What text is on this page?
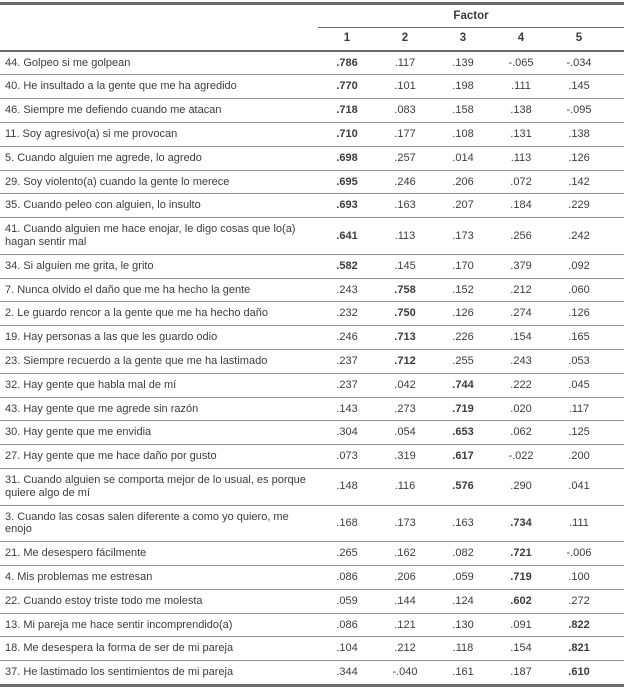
	Factor				
	1	2	3	4	5
44. Golpeo si me golpean	.786	.117	.139	-.065	-.034
40. He insultado a la gente que me ha agredido	.770	.101	.198	.111	.145
46. Siempre me defiendo cuando me atacan	.718	.083	.158	.138	-.095
11. Soy agresivo(a) si me provocan	.710	.177	.108	.131	.138
5. Cuando alguien me agrede, lo agredo	.698	.257	.014	.113	.126
29. Soy violento(a) cuando la gente lo merece	.695	.246	.206	.072	.142
35. Cuando peleo con alguien, lo insulto	.693	.163	.207	.184	.229
41. Cuando alguien me hace enojar, le digo cosas que lo(a) hagan sentir mal	.641	.113	.173	.256	.242
34. Si alguien me grita, le grito	.582	.145	.170	.379	.092
7. Nunca olvido el daño que me ha hecho la gente	.243	.758	.152	.212	.060
2. Le guardo rencor a la gente que me ha hecho daño	.232	.750	.126	.274	.126
19. Hay personas a las que les guardo odio	.246	.713	.226	.154	.165
23. Siempre recuerdo a la gente que me ha lastimado	.237	.712	.255	.243	.053
32. Hay gente que habla mal de mí	.237	.042	.744	.222	.045
43. Hay gente que me agrede sin razón	.143	.273	.719	.020	.117
30. Hay gente que me envidia	.304	.054	.653	.062	.125
27. Hay gente que me hace daño por gusto	.073	.319	.617	-.022	.200
31. Cuando alguien se comporta mejor de lo usual, es porque quiere algo de mí	.148	.116	.576	.290	.041
3. Cuando las cosas salen diferente a como yo quiero, me enojo	.168	.173	.163	.734	.111
21. Me desespero fácilmente	.265	.162	.082	.721	-.006
4. Mis problemas me estresan	.086	.206	.059	.719	.100
22. Cuando estoy triste todo me molesta	.059	.144	.124	.602	.272
13. Mi pareja me hace sentir incomprendido(a)	.086	.121	.130	.091	.822
18. Me desespera la forma de ser de mi pareja	.104	.212	.118	.154	.821
37. He lastimado los sentimientos de mi pareja	.344	-.040	.161	.187	.610
